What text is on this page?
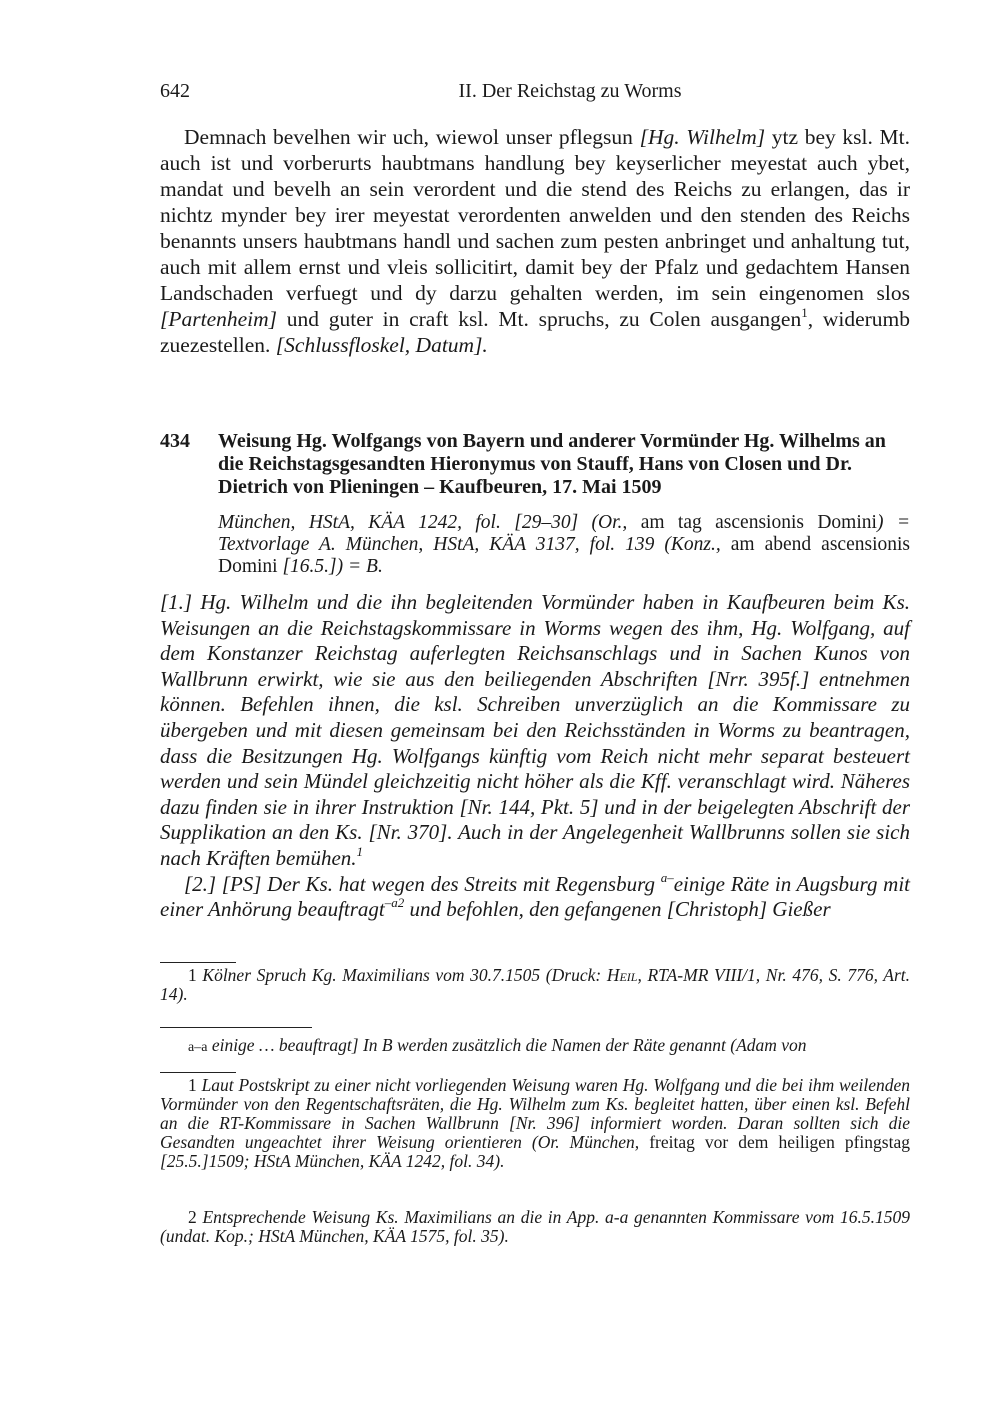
642	II. Der Reichstag zu Worms
Demnach bevelhen wir uch, wiewol unser pflegsun [Hg. Wilhelm] ytz bey ksl. Mt. auch ist und vorberurts haubtmans handlung bey keyserlicher meyestat auch ybet, mandat und bevelh an sein verordent und die stend des Reichs zu erlangen, das ir nichtz mynder bey irer meyestat verordenten anwelden und den stenden des Reichs benannts unsers haubtmans handl und sachen zum pesten anbringet und anhaltung tut, auch mit allem ernst und vleis sollicitirt, damit bey der Pfalz und gedachtem Hansen Landschaden verfuegt und dy darzu gehalten werden, im sein eingenomen slos [Partenheim] und guter in craft ksl. Mt. spruchs, zu Colen ausgangen$^1$, widerumb zuezestellen. [Schlussfloskel, Datum].
434 Weisung Hg. Wolfgangs von Bayern und anderer Vormünder Hg. Wilhelms an die Reichstagsgesandten Hieronymus von Stauff, Hans von Closen und Dr. Dietrich von Plieningen – Kaufbeuren, 17. Mai 1509
München, HStA, KÄA 1242, fol. [29–30] (Or., am tag ascensionis Domini) = Textvorlage A. München, HStA, KÄA 3137, fol. 139 (Konz., am abend ascensionis Domini [16.5.]) = B.

[1.] Hg. Wilhelm und die ihn begleitenden Vormünder haben in Kaufbeuren beim Ks. Weisungen an die Reichstagskommissare in Worms wegen des ihm, Hg. Wolfgang, auf dem Konstanzer Reichstag auferlegten Reichsanschlags und in Sachen Kunos von Wallbrunn erwirkt, wie sie aus den beiliegenden Abschriften [Nrr. 395f.] entnehmen können. Befehlen ihnen, die ksl. Schreiben unverzüglich an die Kommissare zu übergeben und mit diesen gemeinsam bei den Reichsständen in Worms zu beantragen, dass die Besitzungen Hg. Wolfgangs künftig vom Reich nicht mehr separat besteuert werden und sein Mündel gleichzeitig nicht höher als die Kff. veranschlagt wird. Näheres dazu finden sie in ihrer Instruktion [Nr. 144, Pkt. 5] und in der beigelegten Abschrift der Supplikation an den Ks. [Nr. 370]. Auch in der Angelegenheit Wallbrunns sollen sie sich nach Kräften bemühen.$^1$

[2.] [PS] Der Ks. hat wegen des Streits mit Regensburg $^{a-}$einige Räte in Augsburg mit einer Anhörung beauftragt$^{-a2}$ und befohlen, den gefangenen [Christoph] Gießer

1 Kölner Spruch Kg. Maximilians vom 30.7.1505 (Druck: Heil, RTA-MR VIII/1, Nr. 476, S. 776, Art. 14).
a–a einige … beauftragt] In B werden zusätzlich die Namen der Räte genannt (Adam von
1 Laut Postskript zu einer nicht vorliegenden Weisung waren Hg. Wolfgang und die bei ihm weilenden Vormünder von den Regentschaftsräten, die Hg. Wilhelm zum Ks. begleitet hatten, über einen ksl. Befehl an die RT-Kommissare in Sachen Wallbrunn [Nr. 396] informiert worden. Daran sollten sich die Gesandten ungeachtet ihrer Weisung orientieren (Or. München, freitag vor dem heiligen pfingstag [25.5.]1509; HStA München, KÄA 1242, fol. 34).
2 Entsprechende Weisung Ks. Maximilians an die in App. a-a genannten Kommissare vom 16.5.1509 (undat. Kop.; HStA München, KÄA 1575, fol. 35).
